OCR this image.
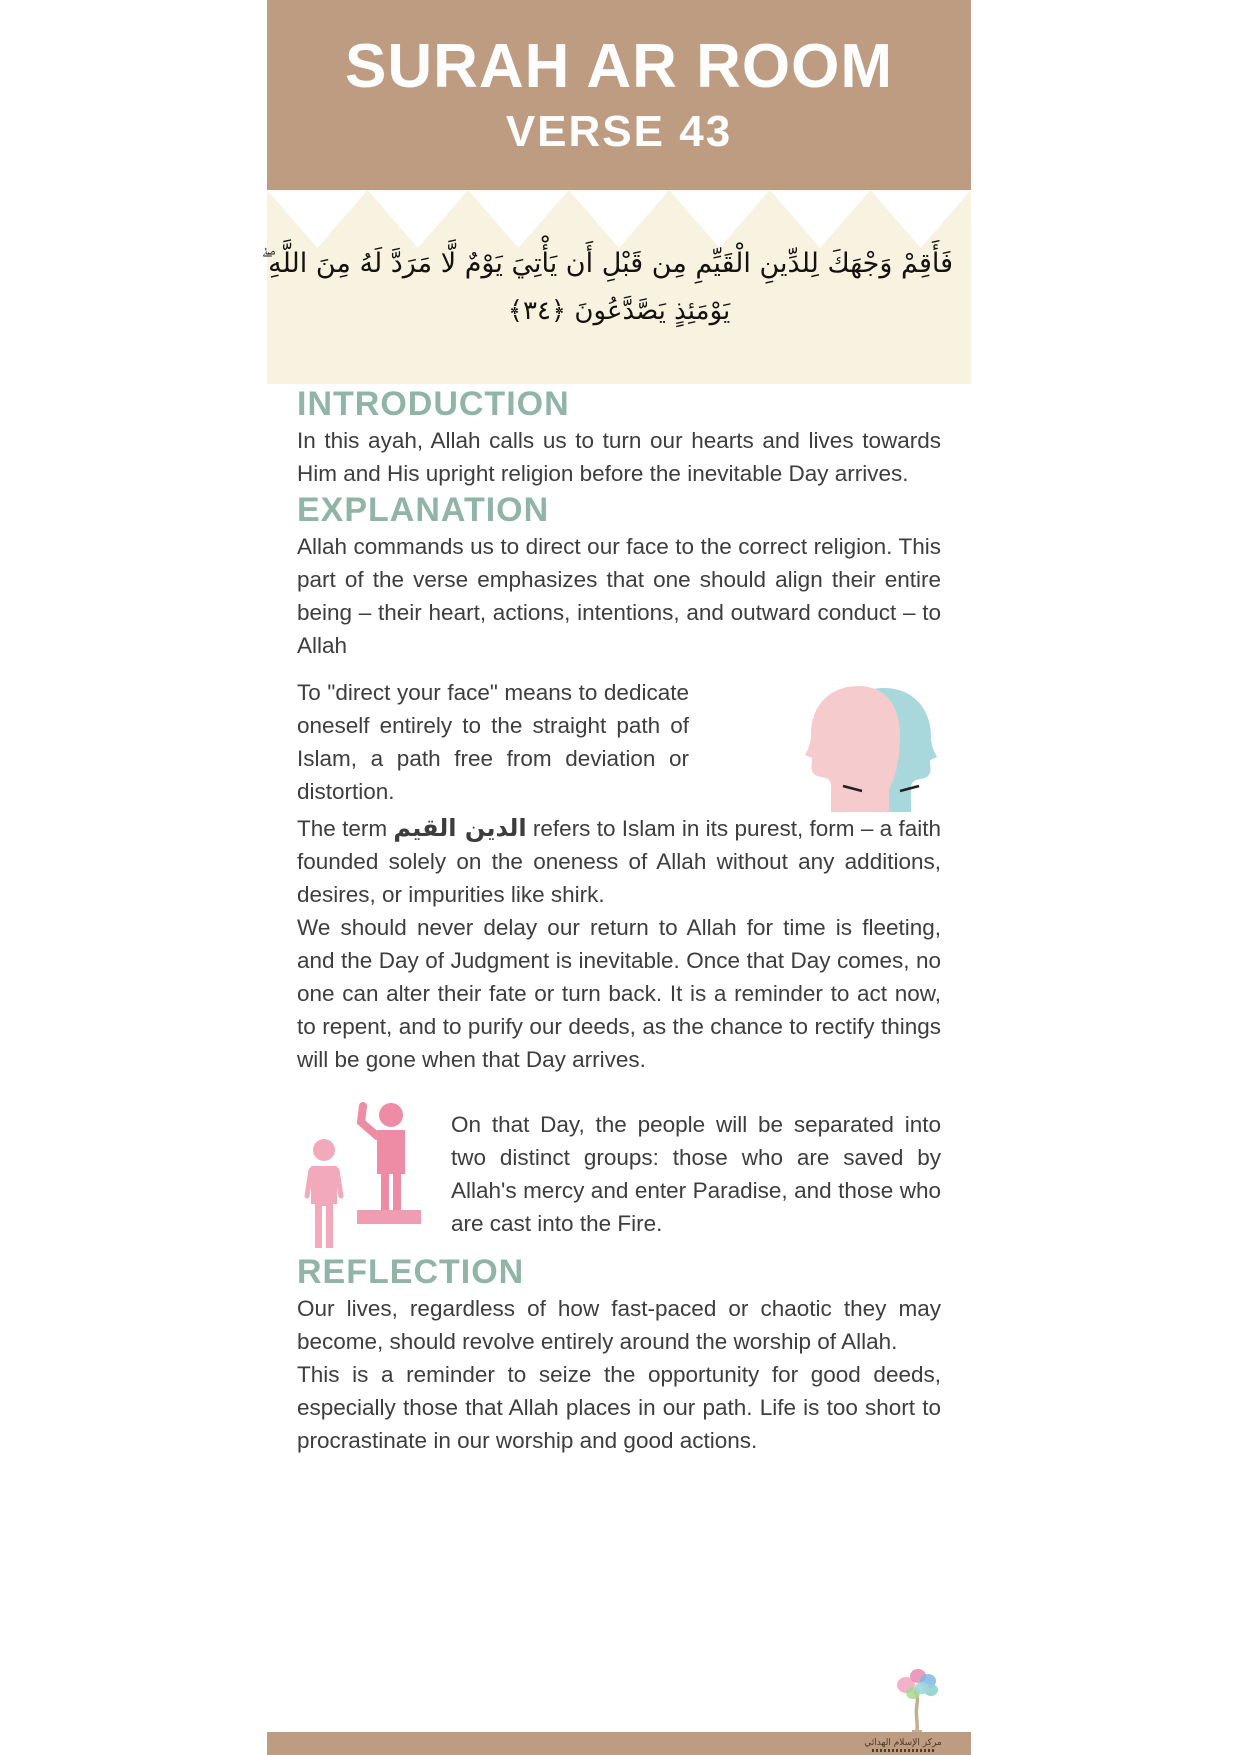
SURAH AR ROOM
VERSE 43
فَأَقِمْ وَجْهَكَ لِلدِّينِ الْقَيِّمِ مِن قَبْلِ أَن يَأْتِيَ يَوْمٌ لَّا مَرَدَّ لَهُ مِنَ اللَّهِ ۖ
يَوْمَئِذٍ يَصَّدَّعُونَ ﴿٤٣﴾
INTRODUCTION

In this ayah, Allah calls us to turn our hearts and lives towards Him and His upright religion before the inevitable Day arrives.

EXPLANATION

Allah commands us to direct our face to the correct religion. This part of the verse emphasizes that one should align their entire being – their heart, actions, intentions, and outward conduct – to Allah

To "direct your face" means to dedicate oneself entirely to the straight path of Islam, a path free from deviation or distortion.

The term الدين القيم refers to Islam in its purest, form – a faith founded solely on the oneness of Allah without any additions, desires, or impurities like shirk.

We should never delay our return to Allah for time is fleeting, and the Day of Judgment is inevitable. Once that Day comes, no one can alter their fate or turn back. It is a reminder to act now, to repent, and to purify our deeds, as the chance to rectify things will be gone when that Day arrives.

On that Day, the people will be separated into two distinct groups: those who are saved by Allah's mercy and enter Paradise, and those who are cast into the Fire.

REFLECTION

Our lives, regardless of how fast-paced or chaotic they may become, should revolve entirely around the worship of Allah.

This is a reminder to seize the opportunity for good deeds, especially those that Allah places in our path. Life is too short to procrastinate in our worship and good actions.

مركز الإسلام الهدائي
